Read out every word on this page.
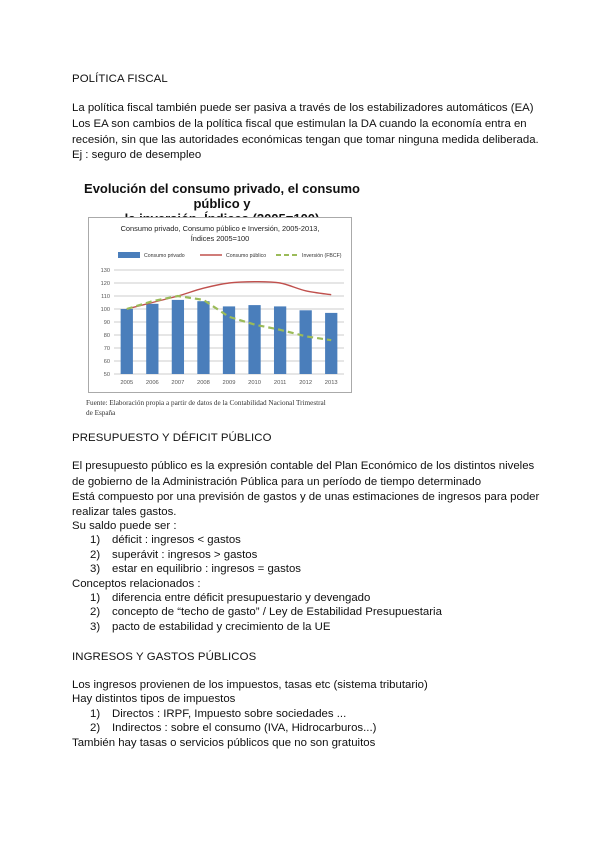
POLÍTICA FISCAL
La política fiscal también puede ser pasiva a través de los estabilizadores automáticos (EA)
Los EA son cambios de la política fiscal que estimulan la DA cuando la economía entra en
recesión, sin que las autoridades económicas tengan que tomar ninguna medida deliberada.
Ej : seguro de desempleo
Evolución del consumo privado, el consumo público y
Consumo privado, Consumo público e Inversión, 2005-2013,
Índices 2005=100
Consumo privado	Consumo público	Inversión (FBCF)
50
60
70
80
90
100
110
120
130
2005 2006 2007 2008 2009 2010 2011 2012 2013
Fuente: Elaboración propia a partir de datos de la Contabilidad Nacional Trimestral
de España
PRESUPUESTO Y DÉFICIT PÚBLICO
El presupuesto público es la expresión contable del Plan Económico de los distintos niveles
de gobierno de la Administración Pública para un período de tiempo determinado
Está compuesto por una previsión de gastos y de unas estimaciones de ingresos para poder
realizar tales gastos.
Su saldo puede ser :
1) déficit : ingresos < gastos
2) superávit : ingresos > gastos
3) estar en equilibrio : ingresos = gastos
Conceptos relacionados :
1) diferencia entre déficit presupuestario y devengado
2) concepto de “techo de gasto” / Ley de Estabilidad Presupuestaria
3) pacto de estabilidad y crecimiento de la UE
INGRESOS Y GASTOS PÚBLICOS
Los ingresos provienen de los impuestos, tasas etc (sistema tributario)
Hay distintos tipos de impuestos
1) Directos : IRPF, Impuesto sobre sociedades ...
2) Indirectos : sobre el consumo (IVA, Hidrocarburos...)
También hay tasas o servicios públicos que no son gratuitos
